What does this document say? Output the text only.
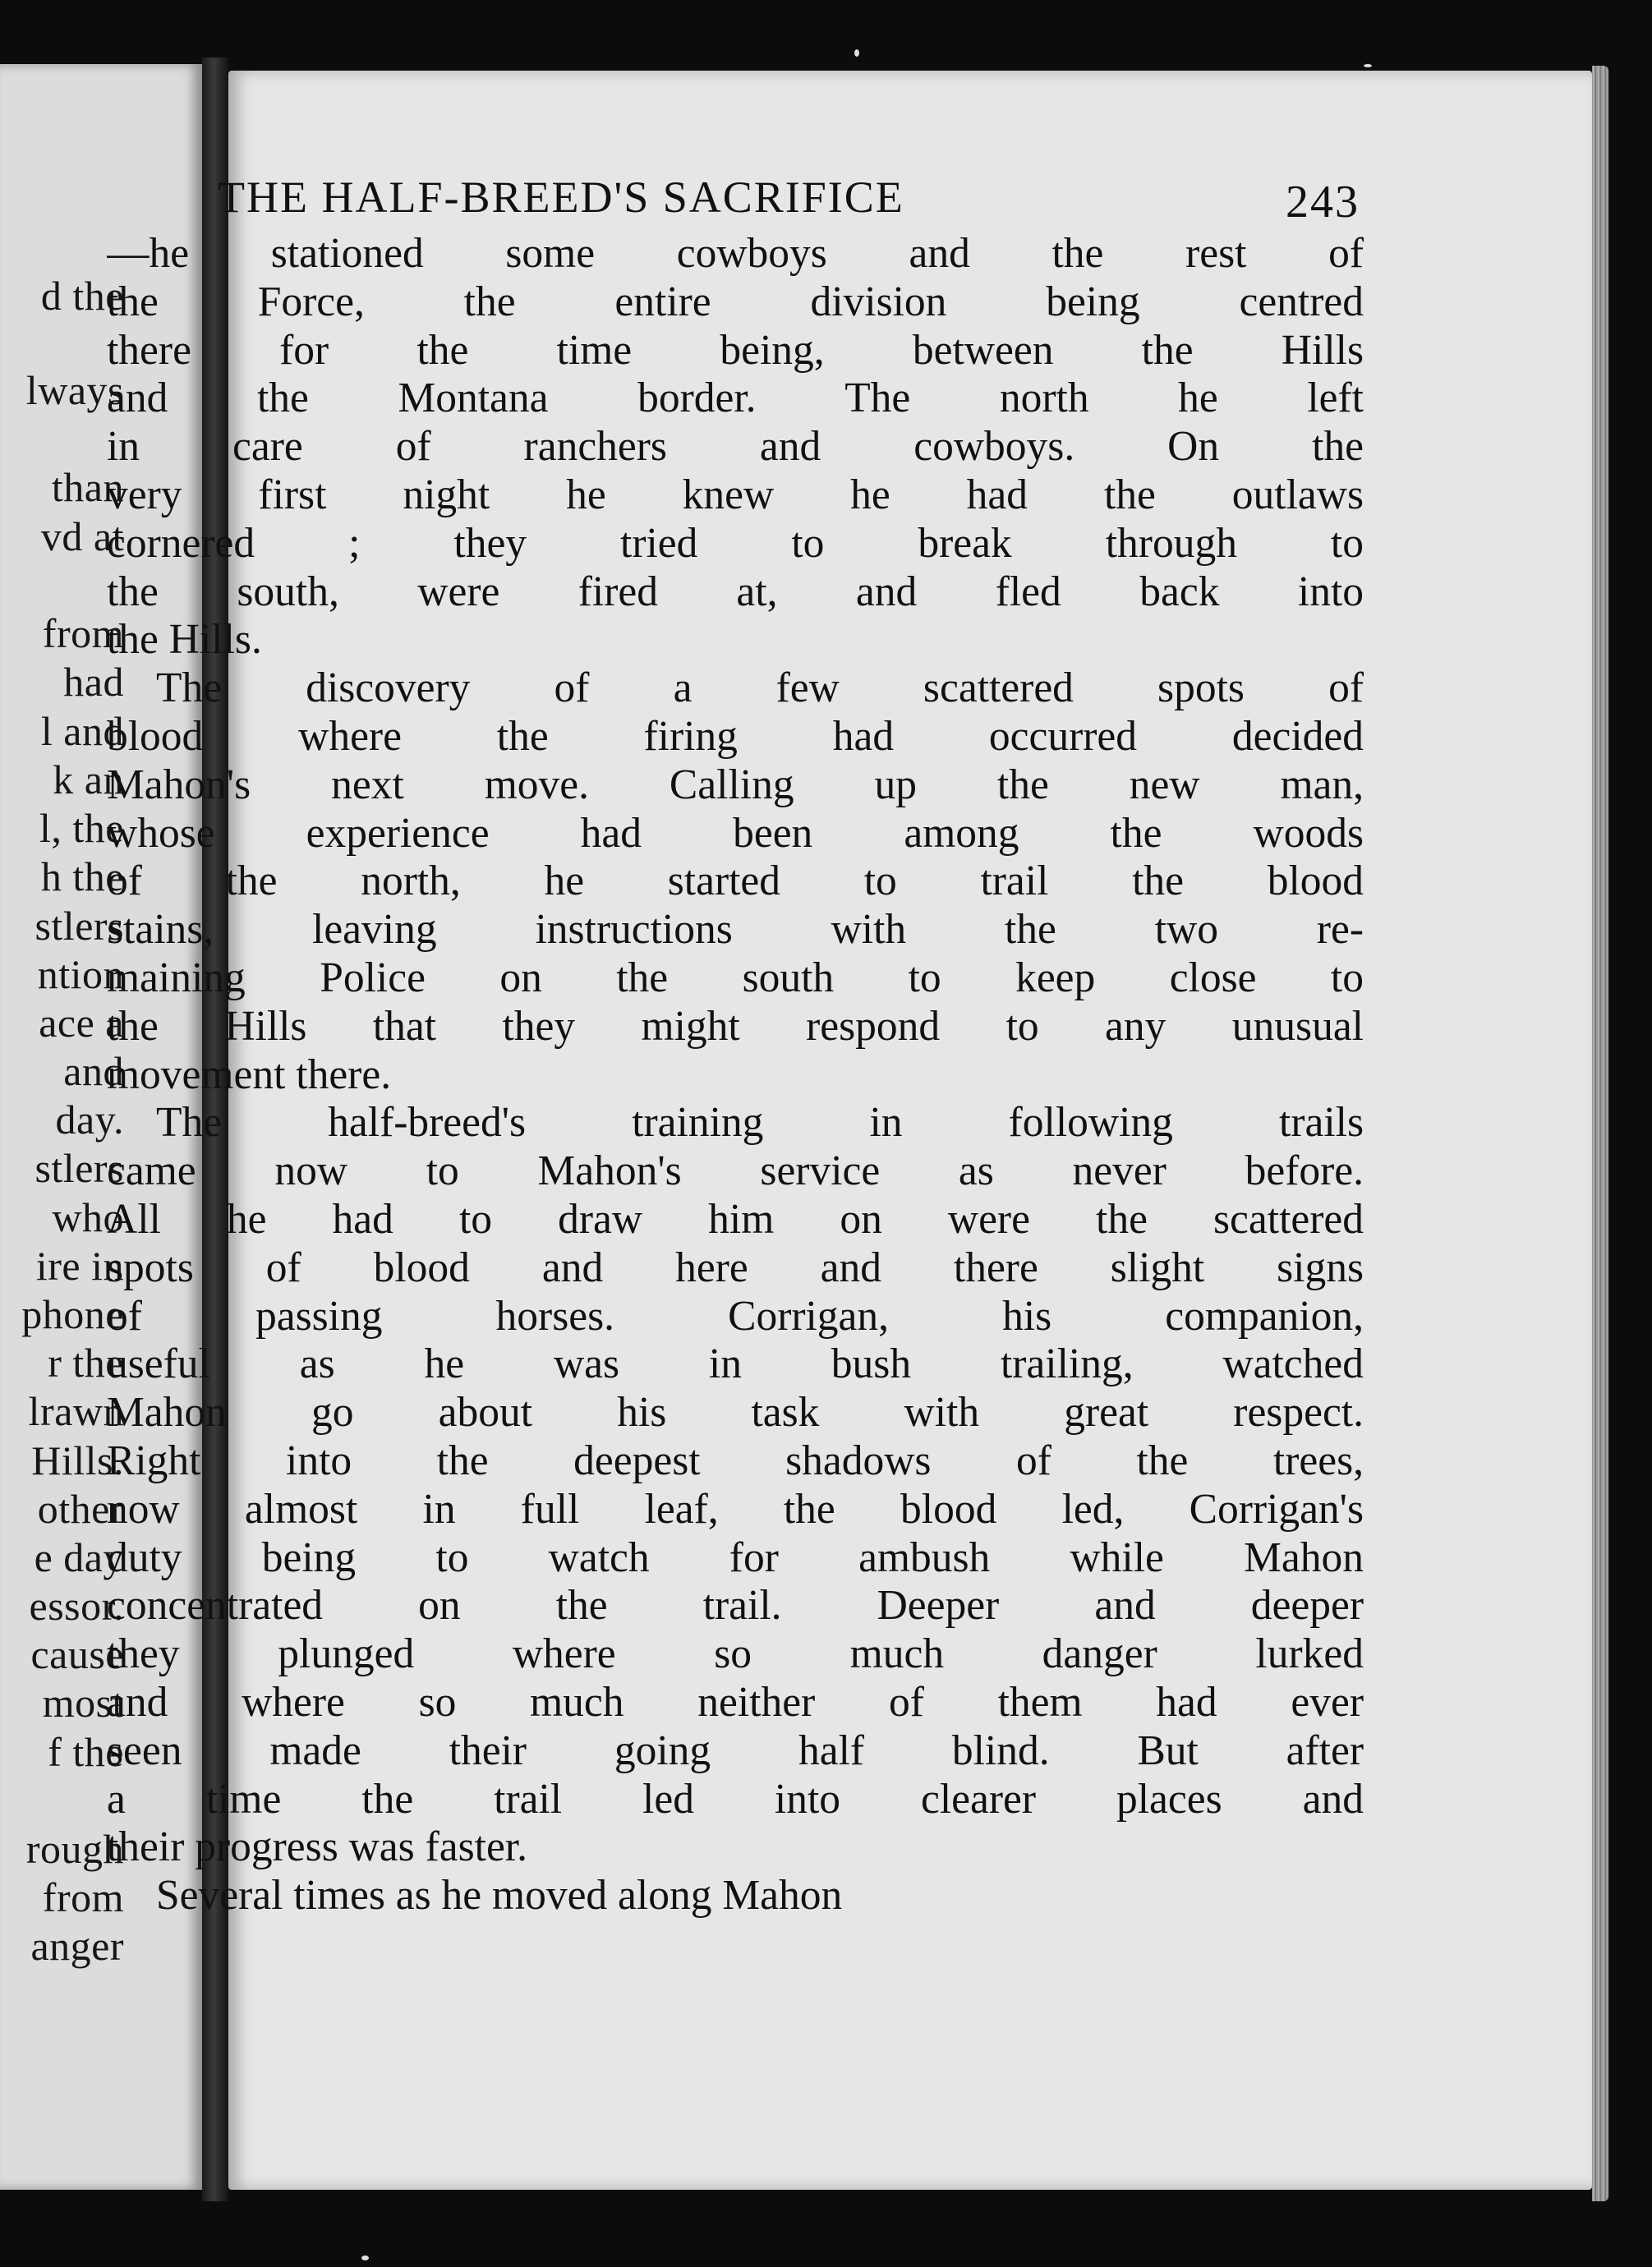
d the
lways
than
vd at
from
had
l and
k an
l, the
h the
stlers
ntion
ace a
and
day.
stlers
who
ire in
phone
r the
lrawn
Hills.
other
e day
essor.
cause
most
f the
rough
from
anger
THE HALF-BREED'S SACRIFICE	243
—he stationed some cowboys and the rest of
the Force, the entire division being centred
there for the time being, between the Hills
and the Montana border. The north he left
in care of ranchers and cowboys. On the
very first night he knew he had the outlaws
cornered ; they tried to break through to
the south, were fired at, and fled back into
the Hills.
The discovery of a few scattered spots of
blood where the firing had occurred decided
Mahon's next move. Calling up the new man,
whose experience had been among the woods
of the north, he started to trail the blood
stains, leaving instructions with the two re-
maining Police on the south to keep close to
the Hills that they might respond to any unusual
movement there.
The half-breed's training in following trails
came now to Mahon's service as never before.
All he had to draw him on were the scattered
spots of blood and here and there slight signs
of passing horses. Corrigan, his companion,
useful as he was in bush trailing, watched
Mahon go about his task with great respect.
Right into the deepest shadows of the trees,
now almost in full leaf, the blood led, Corrigan's
duty being to watch for ambush while Mahon
concentrated on the trail. Deeper and deeper
they plunged where so much danger lurked
and where so much neither of them had ever
seen made their going half blind. But after
a time the trail led into clearer places and
their progress was faster.
Several times as he moved along Mahon
